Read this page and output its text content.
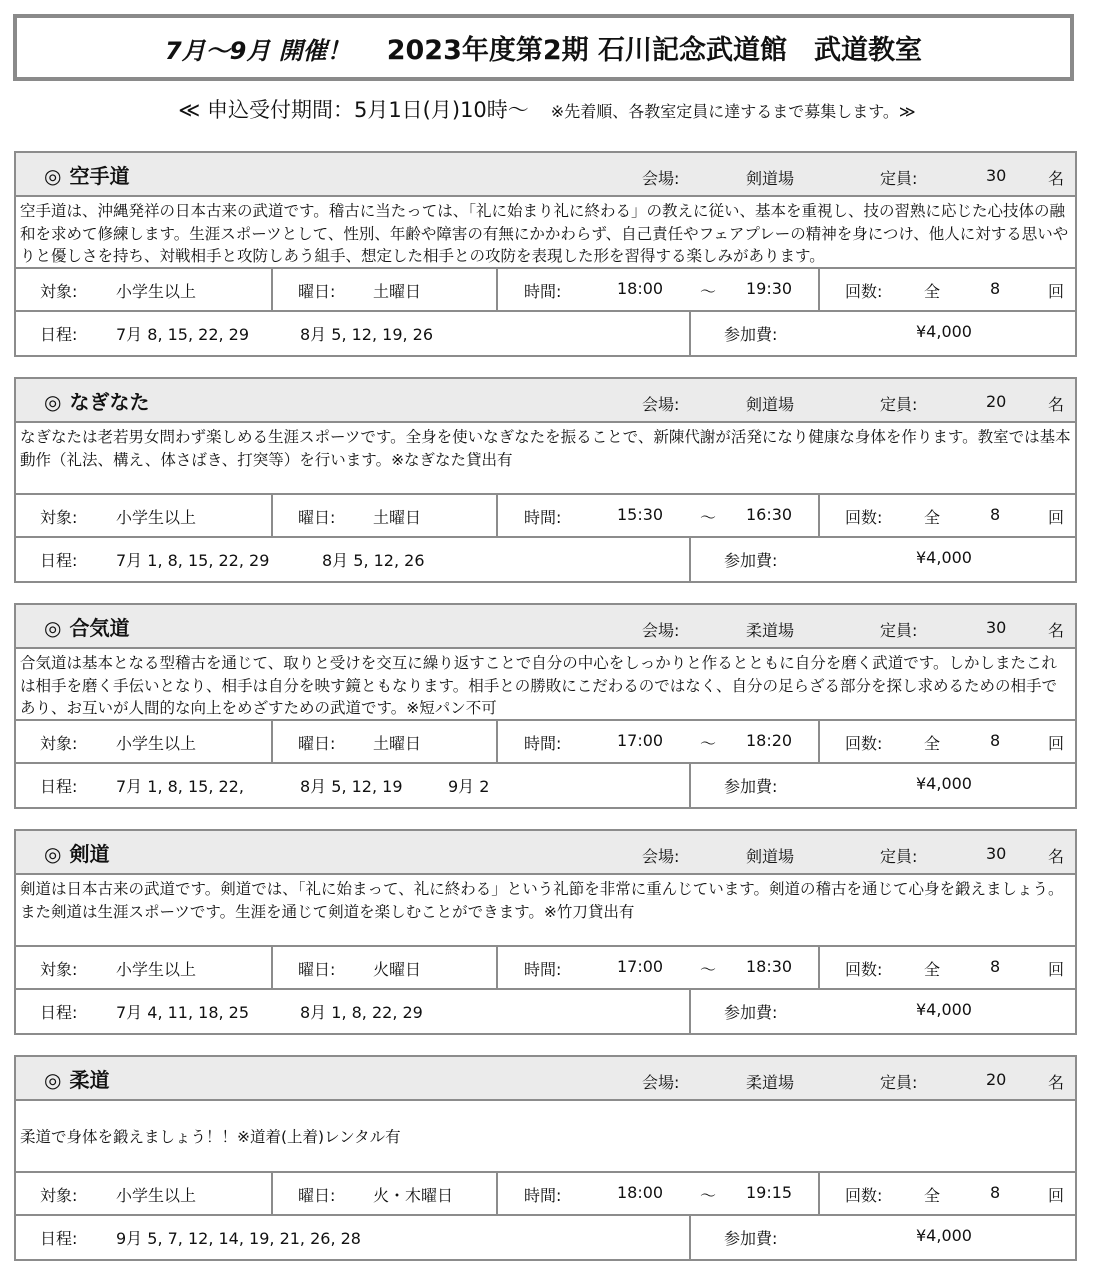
7月～9月 開催！ 2023年度第2期 石川記念武道館　武道教室
≪ 申込受付期間：5月1日(月)10時～ ※先着順、各教室定員に達するまで募集します。≫
◎ 空手道	会場:	剣道場	定員:	30	名
空手道は、沖縄発祥の日本古来の武道です。稽古に当たっては、「礼に始まり礼に終わる」の教えに従い、基本を重視し、技の習熟に応じた心技体の融和を求めて修練します。生涯スポーツとして、性別、年齢や障害の有無にかかわらず、自己責任やフェアプレーの精神を身につけ、他人に対する思いやりと優しさを持ち、対戦相手と攻防しあう組手、想定した相手との攻防を表現した形を習得する楽しみがあります。
対象: 小学生以上	曜日: 土曜日	時間:	18:00 ～ 19:30	回数:	全	8	回
日程: 7月 8, 15, 22, 29	8月 5, 12, 19, 26	参加費:	¥4,000
◎ なぎなた	会場:	剣道場	定員:	20	名
なぎなたは老若男女問わず楽しめる生涯スポーツです。全身を使いなぎなたを振ることで、新陳代謝が活発になり健康な身体を作ります。教室では基本動作（礼法、構え、体さばき、打突等）を行います。※なぎなた貸出有
対象: 小学生以上	曜日: 土曜日	時間:	15:30 ～ 16:30	回数:	全	8	回
日程: 7月 1, 8, 15, 22, 29	8月 5, 12, 26	参加費:	¥4,000
◎ 合気道	会場:	柔道場	定員:	30	名
合気道は基本となる型稽古を通じて、取りと受けを交互に繰り返すことで自分の中心をしっかりと作るとともに自分を磨く武道です。しかしまたこれは相手を磨く手伝いとなり、相手は自分を映す鏡ともなります。相手との勝敗にこだわるのではなく、自分の足らざる部分を探し求めるための相手であり、お互いが人間的な向上をめざすための武道です。※短パン不可
対象: 小学生以上	曜日: 土曜日	時間:	17:00 ～ 18:20	回数:	全	8	回
日程: 7月 1, 8, 15, 22,	8月 5, 12, 19	9月 2	参加費:	¥4,000
◎ 剣道	会場:	剣道場	定員:	30	名
剣道は日本古来の武道です。剣道では、「礼に始まって、礼に終わる」という礼節を非常に重んじています。剣道の稽古を通じて心身を鍛えましょう。また剣道は生涯スポーツです。生涯を通じて剣道を楽しむことができます。※竹刀貸出有
対象: 小学生以上	曜日: 火曜日	時間:	17:00 ～ 18:30	回数:	全	8	回
日程: 7月 4, 11, 18, 25	8月 1, 8, 22, 29	参加費:	¥4,000
◎ 柔道	会場:	柔道場	定員:	20	名
柔道で身体を鍛えましょう！！※道着(上着)レンタル有
対象: 小学生以上	曜日: 火・木曜日	時間:	18:00 ～ 19:15	回数:	全	8	回
日程: 9月 5, 7, 12, 14, 19, 21, 26, 28	参加費:	¥4,000
